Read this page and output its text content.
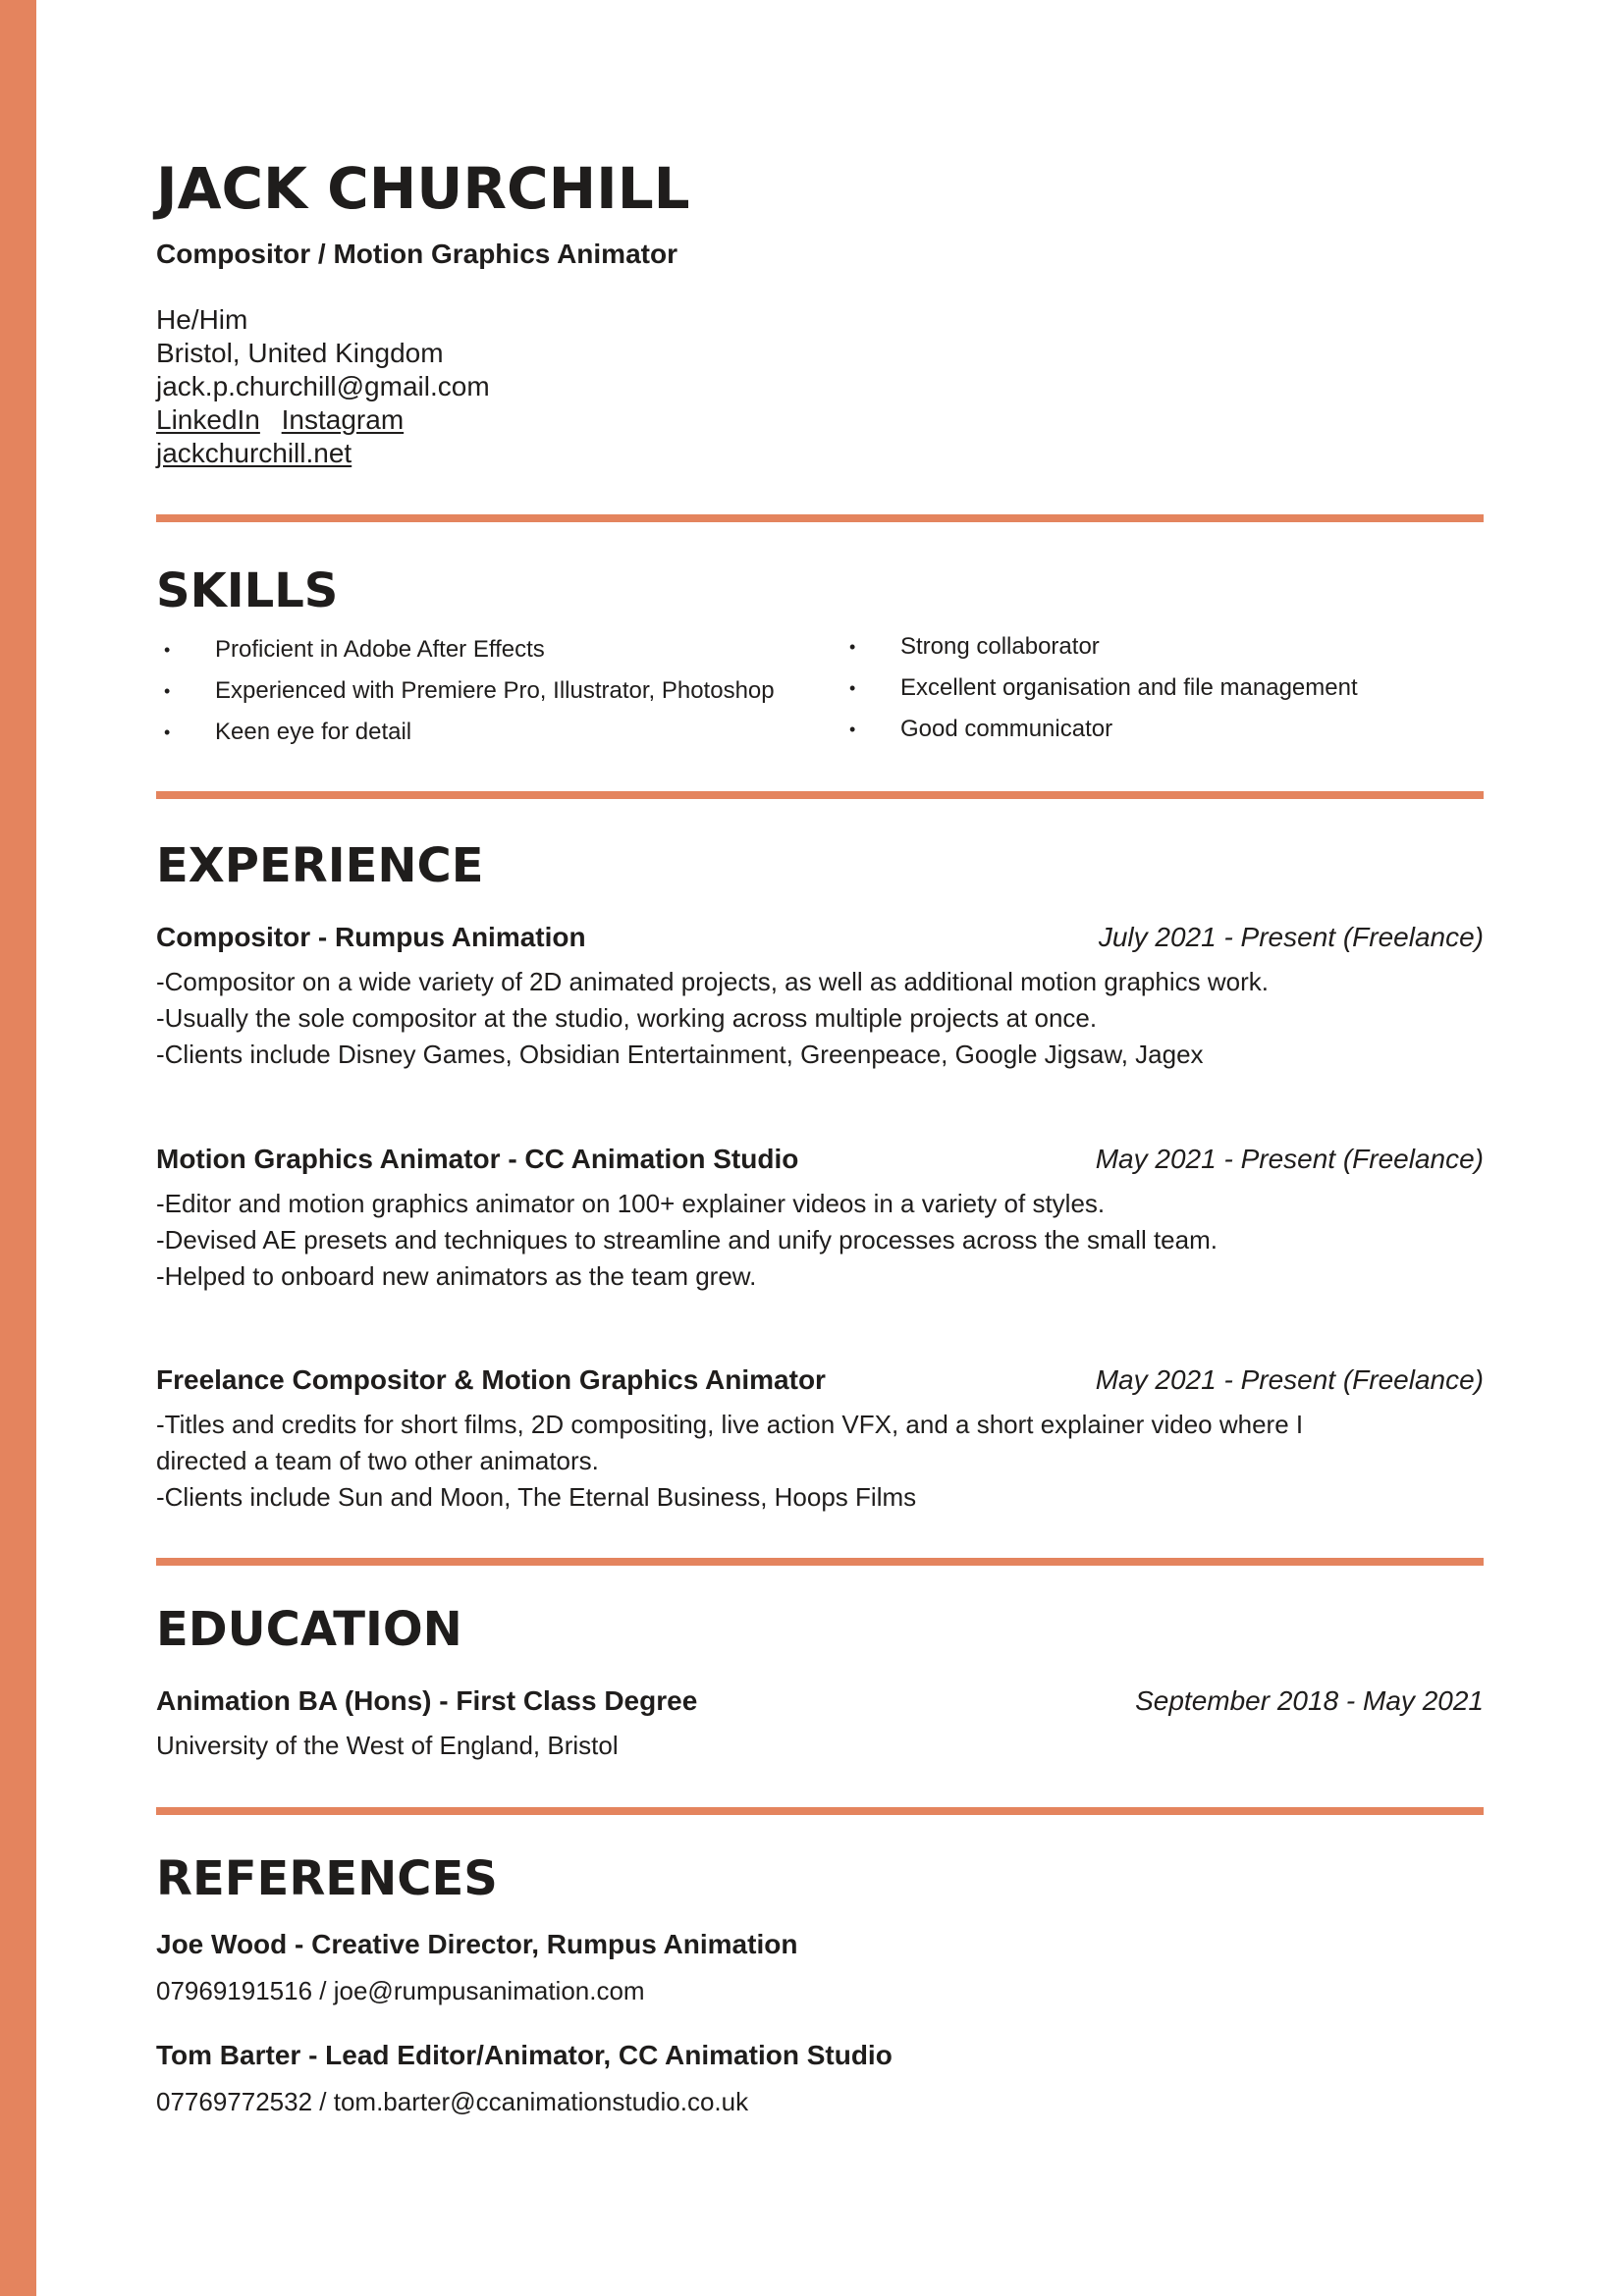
JACK CHURCHILL
Compositor / Motion Graphics Animator
He/Him
Bristol, United Kingdom
jack.p.churchill@gmail.com
LinkedIn Instagram
jackchurchill.net
SKILLS
• Proficient in Adobe After Effects
• Experienced with Premiere Pro, Illustrator, Photoshop
• Keen eye for detail
• Strong collaborator
• Excellent organisation and file management
• Good communicator
EXPERIENCE
Compositor - Rumpus Animation	July 2021 - Present (Freelance)
-Compositor on a wide variety of 2D animated projects, as well as additional motion graphics work.
-Usually the sole compositor at the studio, working across multiple projects at once.
-Clients include Disney Games, Obsidian Entertainment, Greenpeace, Google Jigsaw, Jagex
Motion Graphics Animator - CC Animation Studio	May 2021 - Present (Freelance)
-Editor and motion graphics animator on 100+ explainer videos in a variety of styles.
-Devised AE presets and techniques to streamline and unify processes across the small team.
-Helped to onboard new animators as the team grew.
Freelance Compositor & Motion Graphics Animator	May 2021 - Present (Freelance)
-Titles and credits for short films, 2D compositing, live action VFX, and a short explainer video where I
directed a team of two other animators.
-Clients include Sun and Moon, The Eternal Business, Hoops Films
EDUCATION
Animation BA (Hons) - First Class Degree	September 2018 - May 2021
University of the West of England, Bristol
REFERENCES
Joe Wood - Creative Director, Rumpus Animation
07969191516 / joe@rumpusanimation.com
Tom Barter - Lead Editor/Animator, CC Animation Studio
07769772532 / tom.barter@ccanimationstudio.co.uk
